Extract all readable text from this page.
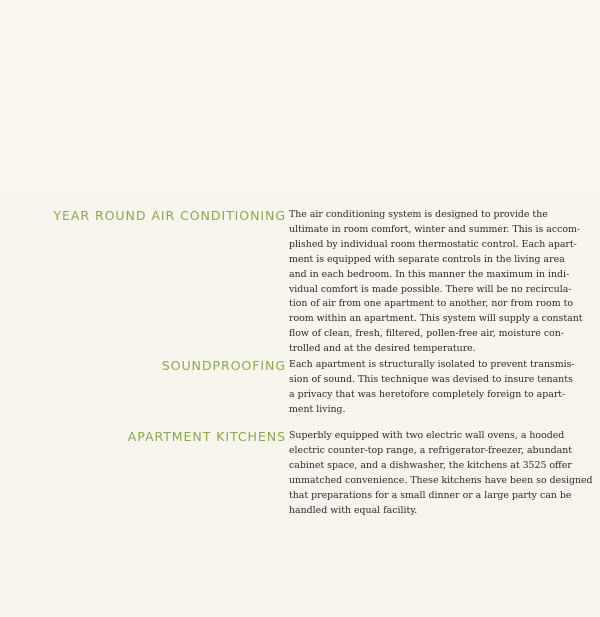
YEAR ROUND AIR CONDITIONING The air conditioning system is designed to provide the
ultimate in room comfort, winter and summer. This is accom-
plished by individual room thermostatic control. Each apart-
ment is equipped with separate controls in the living area
and in each bedroom. In this manner the maximum in indi-
vidual comfort is made possible. There will be no recircula-
tion of air from one apartment to another, nor from room to
room within an apartment. This system will supply a constant
flow of clean, fresh, filtered, pollen-free air, moisture con-
trolled and at the desired temperature.

SOUNDPROOFING Each apartment is structurally isolated to prevent transmis-
sion of sound. This technique was devised to insure tenants
a privacy that was heretofore completely foreign to apart-
ment living.

APARTMENT KITCHENS Superbly equipped with two electric wall ovens, a hooded
electric counter-top range, a refrigerator-freezer, abundant
cabinet space, and a dishwasher, the kitchens at 3525 offer
unmatched convenience. These kitchens have been so designed
that preparations for a small dinner or a large party can be
handled with equal facility.
